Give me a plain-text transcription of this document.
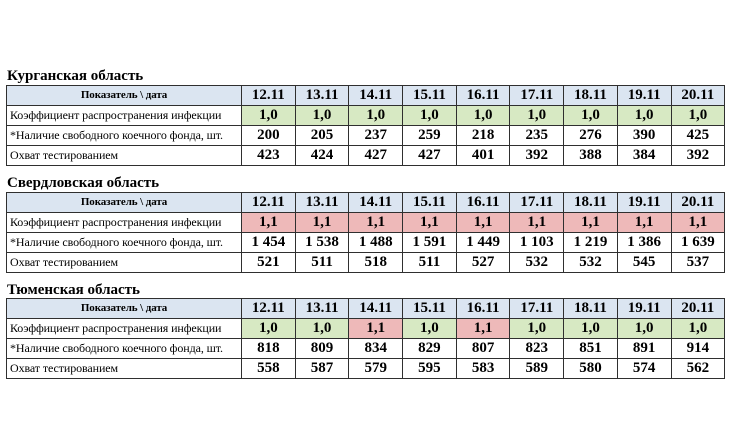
Курганская область
Показатель \ дата	12.11	13.11	14.11	15.11	16.11	17.11	18.11	19.11	20.11
Коэффициент распространения инфекции	1,0	1,0	1,0	1,0	1,0	1,0	1,0	1,0	1,0
*Наличие свободного коечного фонда, шт.	200	205	237	259	218	235	276	390	425
Охват тестированием	423	424	427	427	401	392	388	384	392
Свердловская область
Показатель \ дата	12.11	13.11	14.11	15.11	16.11	17.11	18.11	19.11	20.11
Коэффициент распространения инфекции	1,1	1,1	1,1	1,1	1,1	1,1	1,1	1,1	1,1
*Наличие свободного коечного фонда, шт.	1 454	1 538	1 488	1 591	1 449	1 103	1 219	1 386	1 639
Охват тестированием	521	511	518	511	527	532	532	545	537
Тюменская область
Показатель \ дата	12.11	13.11	14.11	15.11	16.11	17.11	18.11	19.11	20.11
Коэффициент распространения инфекции	1,0	1,0	1,1	1,0	1,1	1,0	1,0	1,0	1,0
*Наличие свободного коечного фонда, шт.	818	809	834	829	807	823	851	891	914
Охват тестированием	558	587	579	595	583	589	580	574	562
